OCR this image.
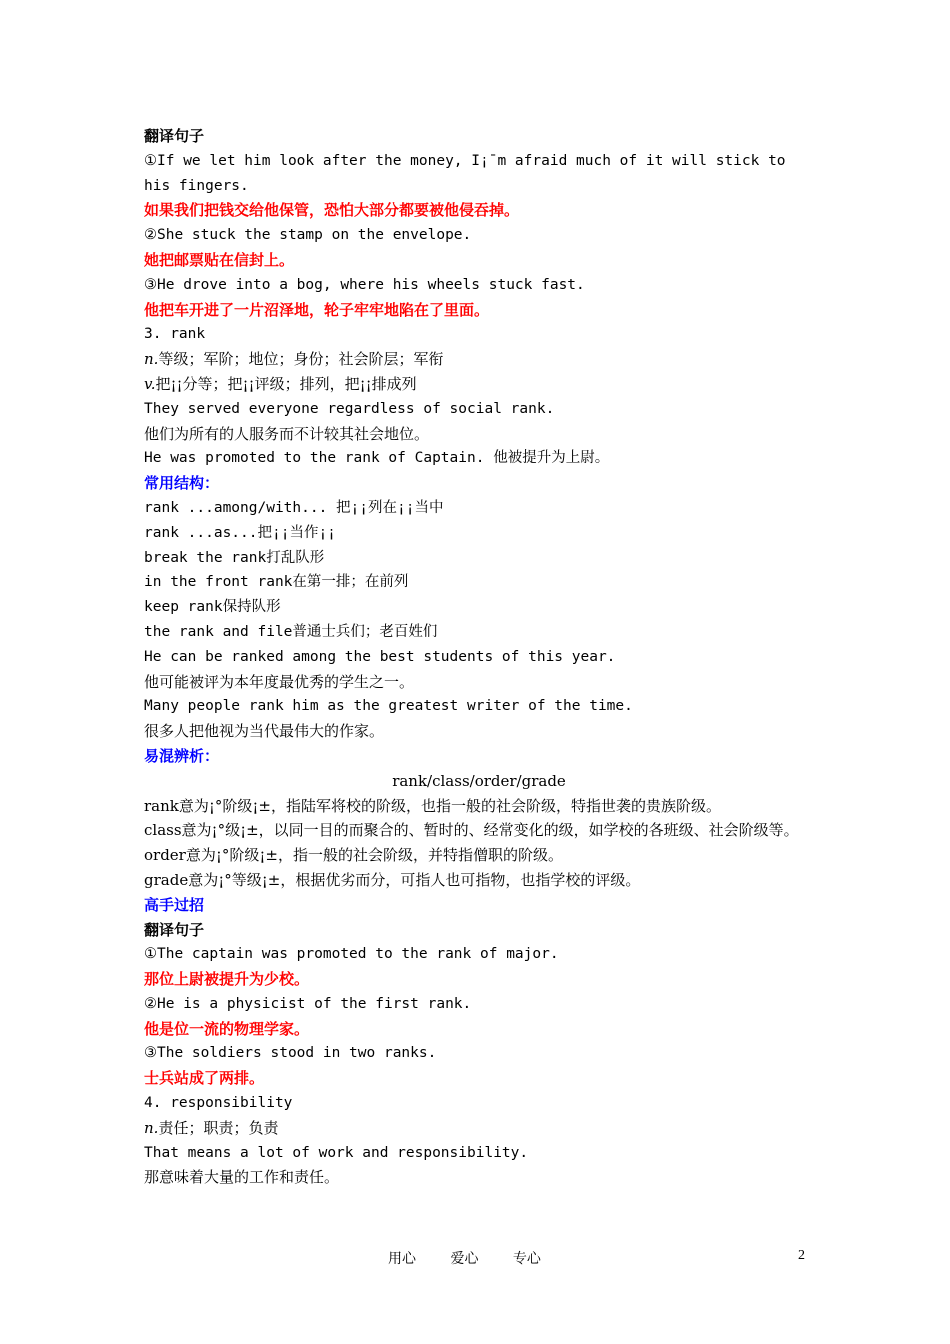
翻译句子
①If we let him look after the money, I¡¯m afraid much of it will stick to his fingers.
如果我们把钱交给他保管，恐怕大部分都要被他侵吞掉。
②She stuck the stamp on the envelope.
她把邮票贴在信封上。
③He drove into a bog, where his wheels stuck fast.
他把车开进了一片沼泽地，轮子牢牢地陷在了里面。
3. rank
n.等级；军阶；地位；身份；社会阶层；军衔
v.把¡¡分等；把¡¡评级；排列，把¡¡排成列
They served everyone regardless of social rank.
他们为所有的人服务而不计较其社会地位。
He was promoted to the rank of Captain. 他被提升为上尉。
常用结构：
rank ...among/with... 把¡¡列在¡¡当中
rank ...as...把¡¡当作¡¡
break the rank打乱队形
in the front rank在第一排；在前列
keep rank保持队形
the rank and file普通士兵们；老百姓们
He can be ranked among the best students of this year.
他可能被评为本年度最优秀的学生之一。
Many people rank him as the greatest writer of the time.
很多人把他视为当代最伟大的作家。
易混辨析：
rank/class/order/grade
rank意为¡°阶级¡±，指陆军将校的阶级，也指一般的社会阶级，特指世袭的贵族阶级。
class意为¡°级¡±，以同一目的而聚合的、暂时的、经常变化的级，如学校的各班级、社会阶级等。
order意为¡°阶级¡±，指一般的社会阶级，并特指僧职的阶级。
grade意为¡°等级¡±，根据优劣而分，可指人也可指物，也指学校的评级。
高手过招
翻译句子
①The captain was promoted to the rank of major.
那位上尉被提升为少校。
②He is a physicist of the first rank.
他是位一流的物理学家。
③The soldiers stood in two ranks.
士兵站成了两排。
4. responsibility
n.责任；职责；负责
That means a lot of work and responsibility.
那意味着大量的工作和责任。
用心 爱心 专心	2
